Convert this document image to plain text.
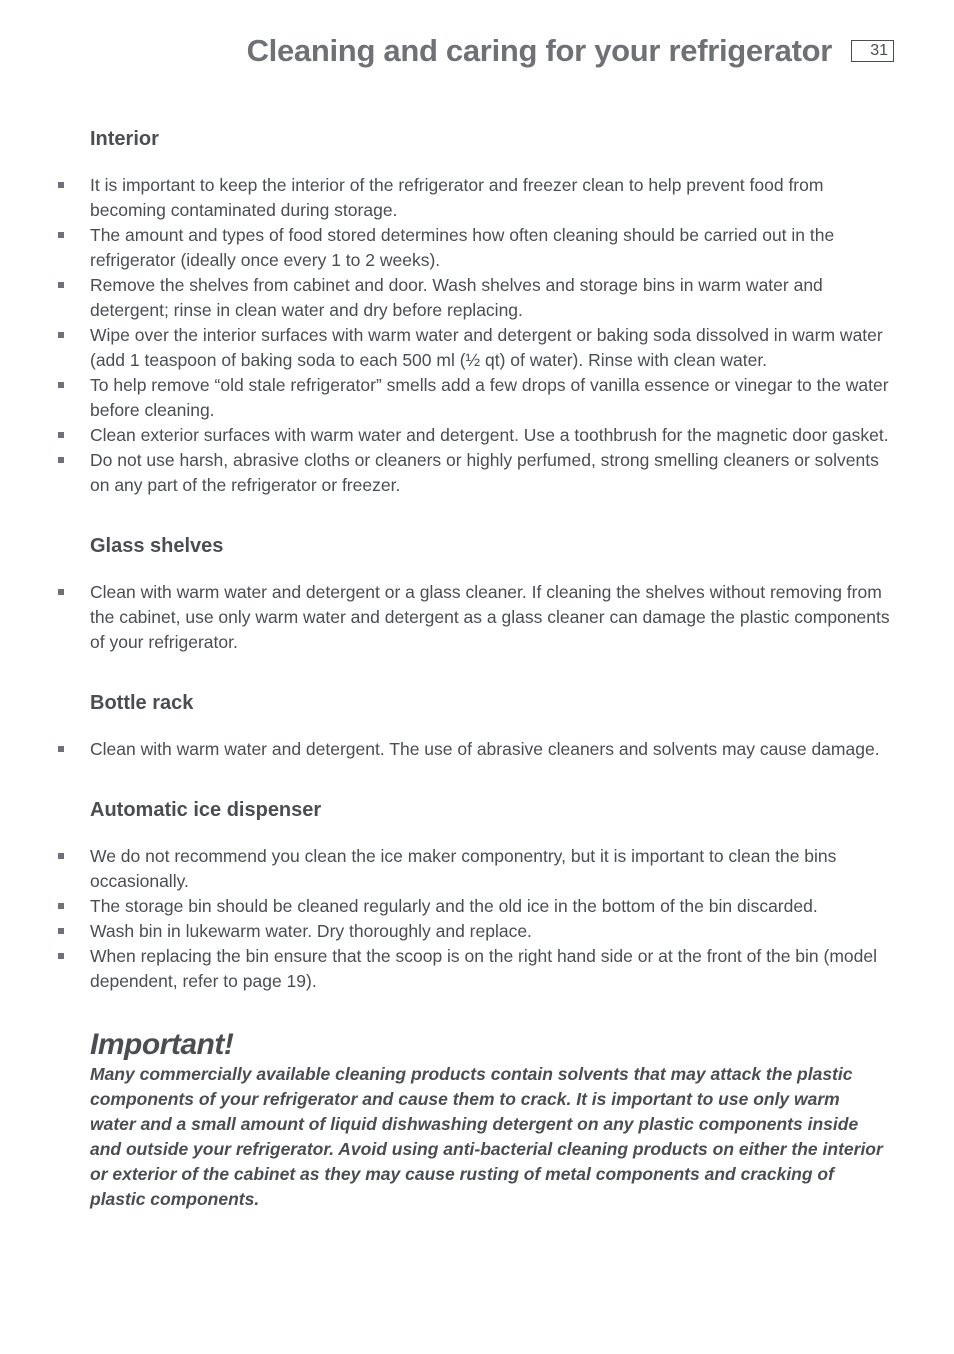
Cleaning and caring for your refrigerator	31
Interior
It is important to keep the interior of the refrigerator and freezer clean to help prevent food from becoming contaminated during storage.
The amount and types of food stored determines how often cleaning should be carried out in the refrigerator (ideally once every 1 to 2 weeks).
Remove the shelves from cabinet and door. Wash shelves and storage bins in warm water and detergent; rinse in clean water and dry before replacing.
Wipe over the interior surfaces with warm water and detergent or baking soda dissolved in warm water (add 1 teaspoon of baking soda to each 500 ml (½ qt) of water). Rinse with clean water.
To help remove “old stale refrigerator” smells add a few drops of vanilla essence or vinegar to the water before cleaning.
Clean exterior surfaces with warm water and detergent. Use a toothbrush for the magnetic door gasket.
Do not use harsh, abrasive cloths or cleaners or highly perfumed, strong smelling cleaners or solvents on any part of the refrigerator or freezer.
Glass shelves
Clean with warm water and detergent or a glass cleaner. If cleaning the shelves without removing from the cabinet, use only warm water and detergent as a glass cleaner can damage the plastic components of your refrigerator.
Bottle rack
Clean with warm water and detergent. The use of abrasive cleaners and solvents may cause damage.
Automatic ice dispenser
We do not recommend you clean the ice maker componentry, but it is important to clean the bins occasionally.
The storage bin should be cleaned regularly and the old ice in the bottom of the bin discarded.
Wash bin in lukewarm water. Dry thoroughly and replace.
When replacing the bin ensure that the scoop is on the right hand side or at the front of the bin (model dependent, refer to page 19).
Important!

Many commercially available cleaning products contain solvents that may attack the plastic components of your refrigerator and cause them to crack. It is important to use only warm water and a small amount of liquid dishwashing detergent on any plastic components inside and outside your refrigerator. Avoid using anti-bacterial cleaning products on either the interior or exterior of the cabinet as they may cause rusting of metal components and cracking of plastic components.
